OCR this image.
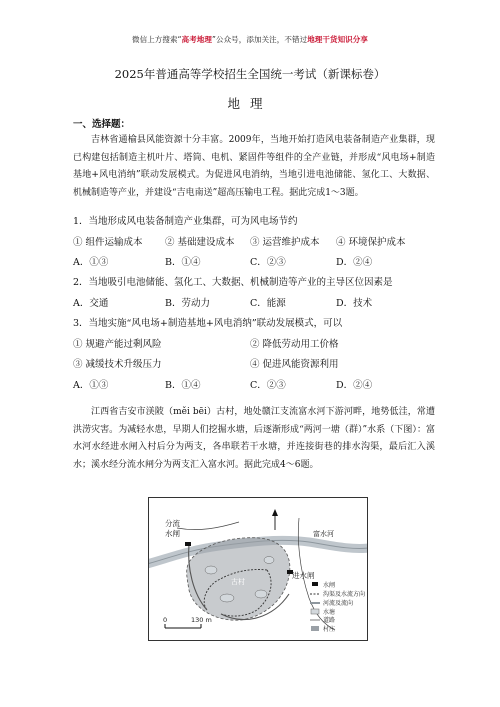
微信上方搜索“高考地理”公众号，添加关注，不错过地理干货知识分享
2025年普通高等学校招生全国统一考试（新课标卷）
地理
一、选择题：

吉林省通榆县风能资源十分丰富。2009年，当地开始打造风电装备制造产业集群，现已构建包括制造主机叶片、塔筒、电机、紧固件等组件的全产业链，并形成“风电场+制造基地+风电消纳”联动发展模式。为促进风电消纳，当地引进电池储能、氢化工、大数据、机械制造等产业，并建设“吉电南送”超高压输电工程。据此完成1～3题。

1．当地形成风电装备制造产业集群，可为风电场节约
① 组件运输成本 ② 基础建设成本 ③ 运营维护成本 ④ 环境保护成本
A．①③	B．①④	C．②③	D．②④
2．当地吸引电池储能、氢化工、大数据、机械制造等产业的主导区位因素是
A．交通	B．劳动力	C．能源	D．技术
3．当地实施“风电场+制造基地+风电消纳”联动发展模式，可以
① 规避产能过剩风险	② 降低劳动用工价格
③ 减缓技术升级压力	④ 促进风能资源利用
A．①③	B．①④	C．②③	D．②④

江西省吉安市渼陂（měi bēi）古村，地处赣江支流富水河下游河畔，地势低洼，常遭洪涝灾害。为减轻水患，早期人们挖掘水塘，后逐渐形成“两河一塘（群）”水系（下图）：富水河水经进水闸入村后分为两支，各串联若干水塘，并连接街巷的排水沟渠，最后汇入溪水；溪水经分流水闸分为两支汇入富水河。据此完成4～6题。

分流
水闸
进水闸
古村
富水河
0	130 m
水闸
沟渠及水流方向
河流及流向
水塘
道路
村庄
